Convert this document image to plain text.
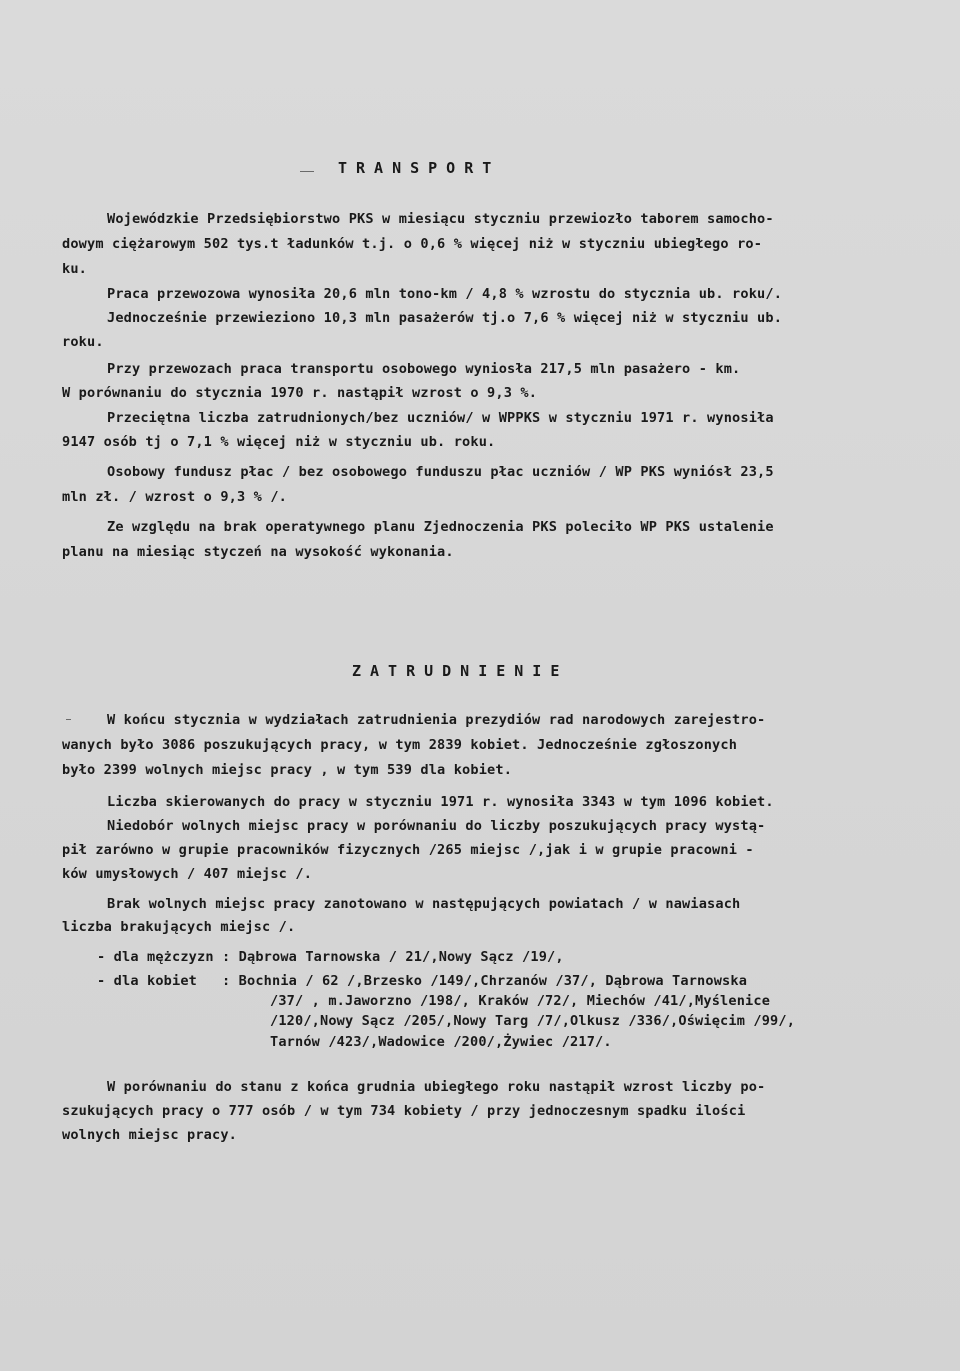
TRANSPORT
Wojewódzkie Przedsiębiorstwo PKS w miesiącu styczniu przewiozło taborem samocho-
dowym ciężarowym 502 tys.t ładunków t.j. o 0,6 % więcej niż w styczniu ubiegłego ro-
ku.
Praca przewozowa wynosiła 20,6 mln tono-km / 4,8 % wzrostu do stycznia ub. roku/.
Jednocześnie przewieziono 10,3 mln pasażerów tj.o 7,6 % więcej niż w styczniu ub.
roku.
Przy przewozach praca transportu osobowego wyniosła 217,5 mln pasażero - km.
W porównaniu do stycznia 1970 r. nastąpił wzrost o 9,3 %.
Przeciętna liczba zatrudnionych/bez uczniów/ w WPPKS w styczniu 1971 r. wynosiła
9147 osób tj o 7,1 % więcej niż w styczniu ub. roku.
Osobowy fundusz płac / bez osobowego funduszu płac uczniów / WP PKS wyniósł 23,5
mln zł. / wzrost o 9,3 % /.
Ze względu na brak operatywnego planu Zjednoczenia PKS poleciło WP PKS ustalenie
planu na miesiąc styczeń na wysokość wykonania.
ZATRUDNIENIE
W końcu stycznia w wydziałach zatrudnienia prezydiów rad narodowych zarejestro-
wanych było 3086 poszukujących pracy, w tym 2839 kobiet. Jednocześnie zgłoszonych
było 2399 wolnych miejsc pracy , w tym 539 dla kobiet.
Liczba skierowanych do pracy w styczniu 1971 r. wynosiła 3343 w tym 1096 kobiet.
Niedobór wolnych miejsc pracy w porównaniu do liczby poszukujących pracy wystą-
pił zarówno w grupie pracowników fizycznych /265 miejsc /,jak i w grupie pracowni -
ków umysłowych / 407 miejsc /.
Brak wolnych miejsc pracy zanotowano w następujących powiatach / w nawiasach
liczba brakujących miejsc /.
- dla mężczyzn : Dąbrowa Tarnowska / 21/,Nowy Sącz /19/,
- dla kobiet   : Bochnia / 62 /,Brzesko /149/,Chrzanów /37/, Dąbrowa Tarnowska
/37/ , m.Jaworzno /198/, Kraków /72/, Miechów /41/,Myślenice
/120/,Nowy Sącz /205/,Nowy Targ /7/,Olkusz /336/,Oświęcim /99/,
Tarnów /423/,Wadowice /200/,Żywiec /217/.
W porównaniu do stanu z końca grudnia ubiegłego roku nastąpił wzrost liczby po-
szukujących pracy o 777 osób / w tym 734 kobiety / przy jednoczesnym spadku ilości
wolnych miejsc pracy.
